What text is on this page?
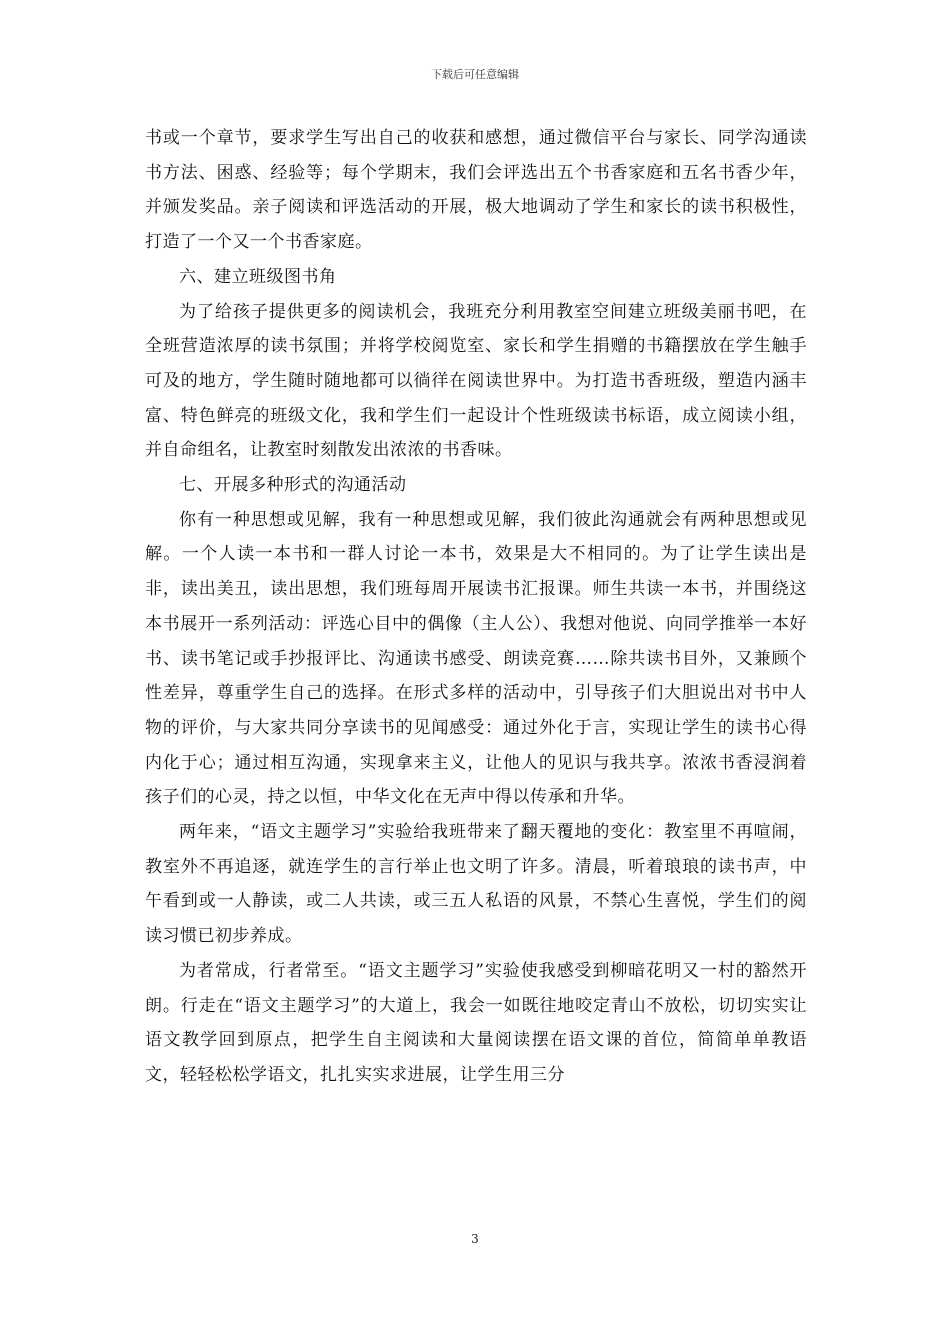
下载后可任意编辑

书或一个章节，要求学生写出自己的收获和感想，通过微信平台与家长、同学沟通读书方法、困惑、经验等；每个学期末，我们会评选出五个书香家庭和五名书香少年，并颁发奖品。亲子阅读和评选活动的开展，极大地调动了学生和家长的读书积极性，打造了一个又一个书香家庭。

六、建立班级图书角

为了给孩子提供更多的阅读机会，我班充分利用教室空间建立班级美丽书吧，在全班营造浓厚的读书氛围；并将学校阅览室、家长和学生捐赠的书籍摆放在学生触手可及的地方，学生随时随地都可以徜徉在阅读世界中。为打造书香班级，塑造内涵丰富、特色鲜亮的班级文化，我和学生们一起设计个性班级读书标语，成立阅读小组，并自命组名，让教室时刻散发出浓浓的书香味。

七、开展多种形式的沟通活动

你有一种思想或见解，我有一种思想或见解，我们彼此沟通就会有两种思想或见解。一个人读一本书和一群人讨论一本书，效果是大不相同的。为了让学生读出是非，读出美丑，读出思想，我们班每周开展读书汇报课。师生共读一本书，并围绕这本书展开一系列活动：评选心目中的偶像（主人公）、我想对他说、向同学推举一本好书、读书笔记或手抄报评比、沟通读书感受、朗读竞赛……除共读书目外，又兼顾个性差异，尊重学生自己的选择。在形式多样的活动中，引导孩子们大胆说出对书中人物的评价，与大家共同分享读书的见闻感受：通过外化于言，实现让学生的读书心得内化于心；通过相互沟通，实现拿来主义，让他人的见识与我共享。浓浓书香浸润着孩子们的心灵，持之以恒，中华文化在无声中得以传承和升华。

两年来，“语文主题学习”实验给我班带来了翻天覆地的变化：教室里不再喧闹，教室外不再追逐，就连学生的言行举止也文明了许多。清晨，听着琅琅的读书声，中午看到或一人静读，或二人共读，或三五人私语的风景，不禁心生喜悦，学生们的阅读习惯已初步养成。

为者常成，行者常至。“语文主题学习”实验使我感受到柳暗花明又一村的豁然开朗。行走在“语文主题学习”的大道上，我会一如既往地咬定青山不放松，切切实实让语文教学回到原点，把学生自主阅读和大量阅读摆在语文课的首位，简简单单教语文，轻轻松松学语文，扎扎实实求进展，让学生用三分

3
